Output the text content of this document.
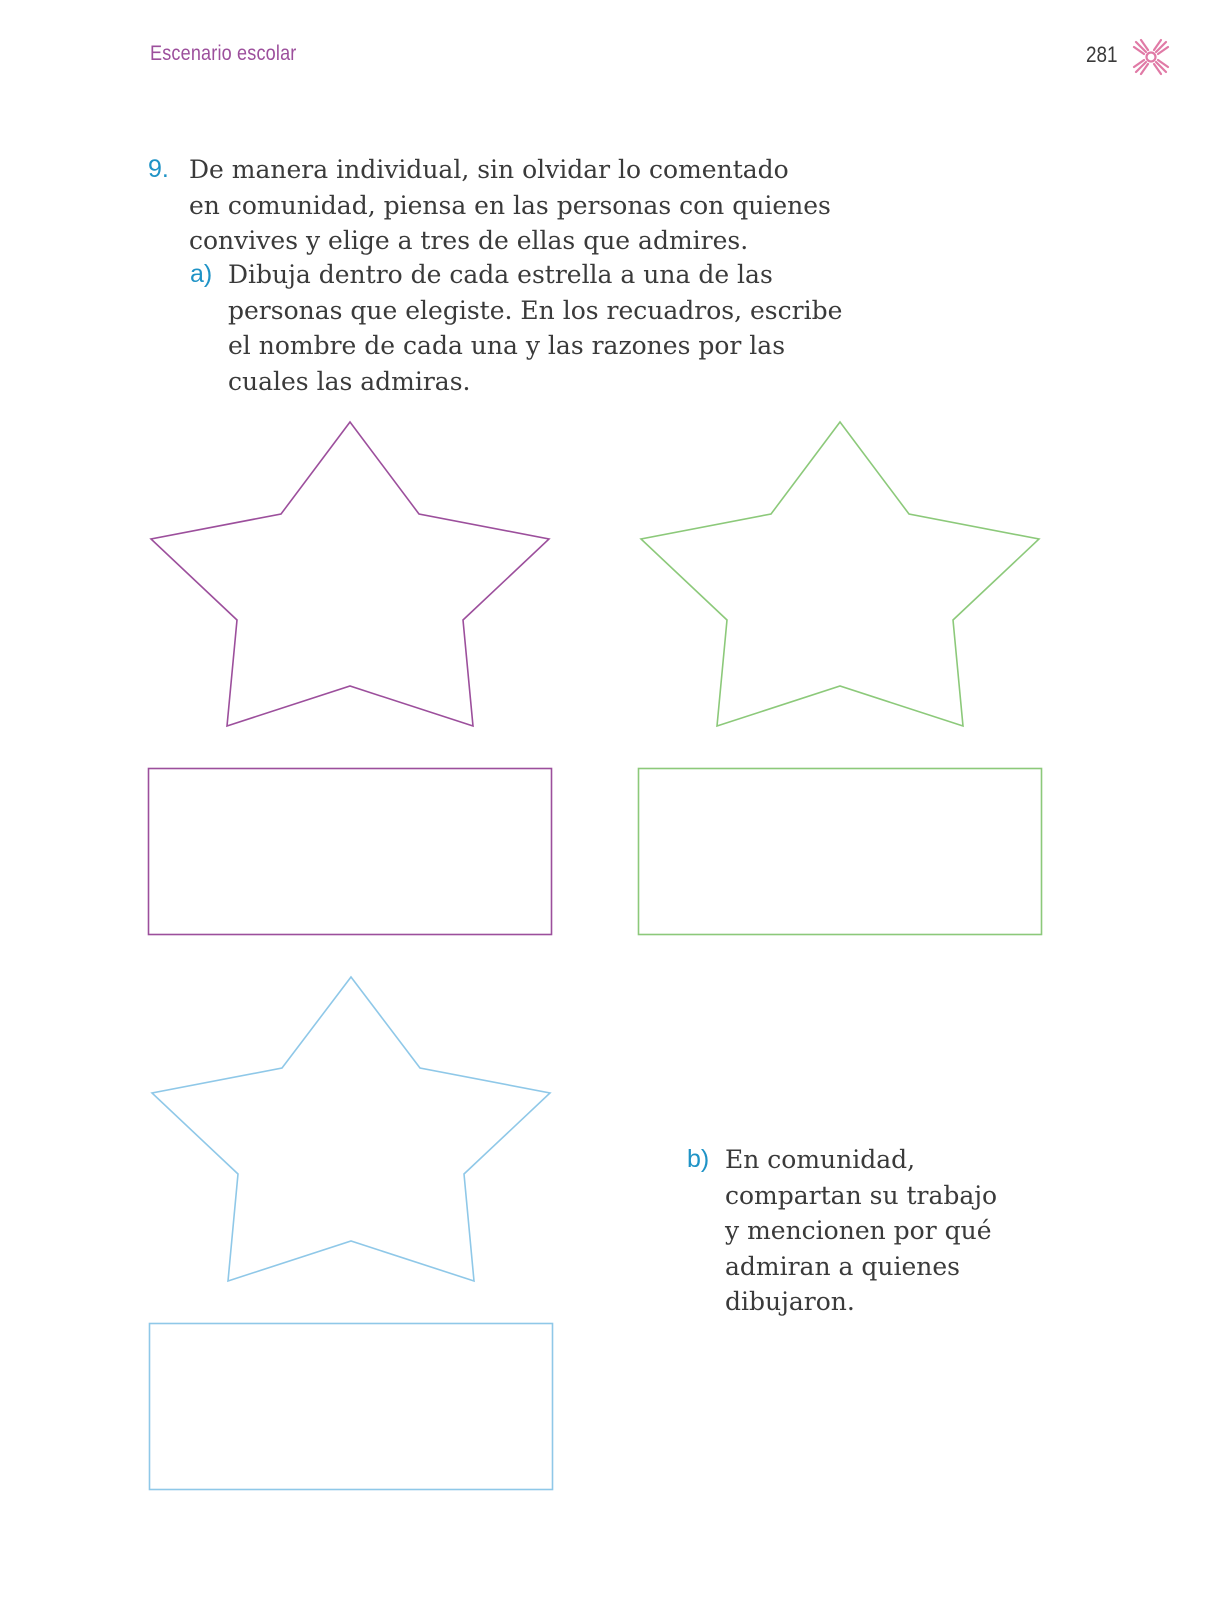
Escenario escolar	281
9. De manera individual, sin olvidar lo comentado
en comunidad, piensa en las personas con quienes
convives y elige a tres de ellas que admires.
a) Dibuja dentro de cada estrella a una de las
personas que elegiste. En los recuadros, escribe
el nombre de cada una y las razones por las
cuales las admiras.
b) En comunidad,
compartan su trabajo
y mencionen por qué
admiran a quienes
dibujaron.
